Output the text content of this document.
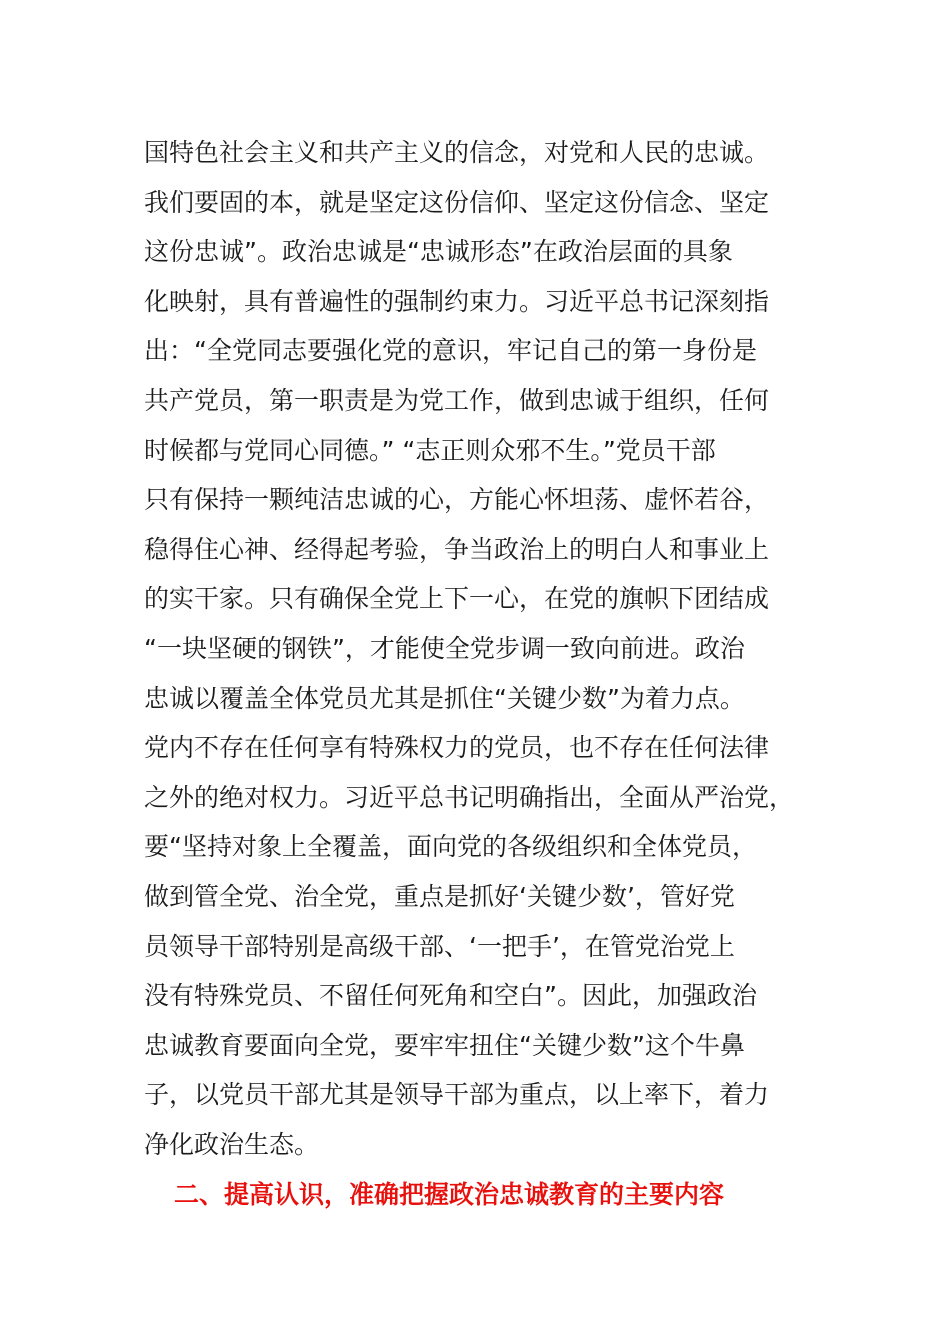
国特色社会主义和共产主义的信念，对党和人民的忠诚。
我们要固的本，就是坚定这份信仰、坚定这份信念、坚定
这份忠诚”。政治忠诚是“忠诚形态”在政治层面的具象
化映射，具有普遍性的强制约束力。习近平总书记深刻指
出：“全党同志要强化党的意识，牢记自己的第一身份是
共产党员，第一职责是为党工作，做到忠诚于组织，任何
时候都与党同心同德。” “志正则众邪不生。”党员干部
只有保持一颗纯洁忠诚的心，方能心怀坦荡、虚怀若谷，
稳得住心神、经得起考验，争当政治上的明白人和事业上
的实干家。只有确保全党上下一心，在党的旗帜下团结成
“一块坚硬的钢铁”，才能使全党步调一致向前进。政治
忠诚以覆盖全体党员尤其是抓住“关键少数”为着力点。
党内不存在任何享有特殊权力的党员，也不存在任何法律
之外的绝对权力。习近平总书记明确指出，全面从严治党，
要“坚持对象上全覆盖，面向党的各级组织和全体党员，
做到管全党、治全党，重点是抓好‘关键少数’，管好党
员领导干部特别是高级干部、‘一把手’，在管党治党上
没有特殊党员、不留任何死角和空白”。因此，加强政治
忠诚教育要面向全党，要牢牢扭住“关键少数”这个牛鼻
子，以党员干部尤其是领导干部为重点，以上率下，着力
净化政治生态。
二、提高认识，准确把握政治忠诚教育的主要内容
